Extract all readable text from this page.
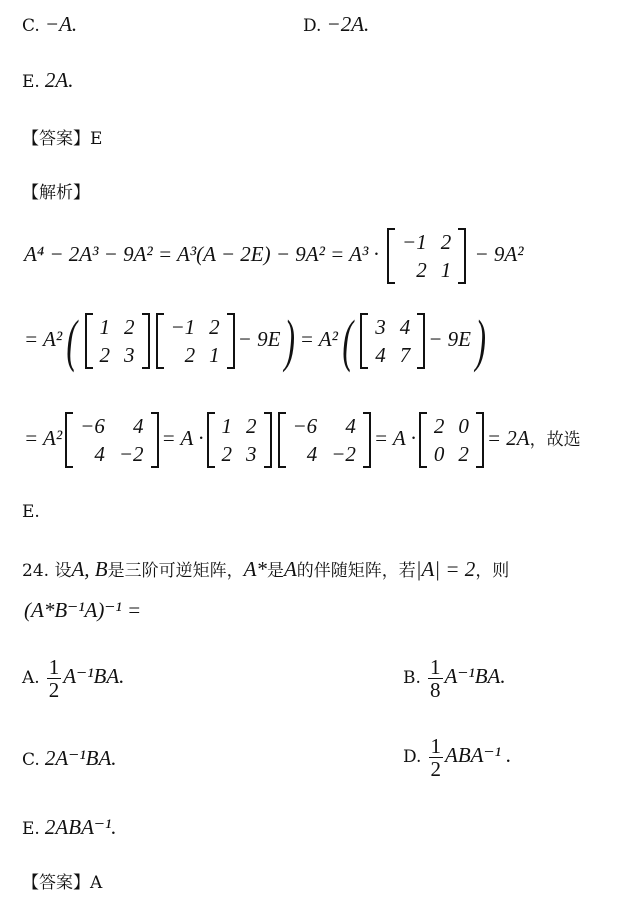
C. −A.	D. −2A.
E. 2A.
【答案】E
【解析】
A⁴ − 2A³ − 9A² = A³(A − 2E) − 9A² = A³ · −1	2
2	1
− 9A²
= A²( 1	2
2	3
−1	2
2	1
− 9E) = A²( 3	4
4	7
− 9E)
= A² −6	4
4	−2
= A · 1	2
2	3
−6	4
4	−2
= A · 2	0
0	2
= 2A，故选
E.
24. 设A, B是三阶可逆矩阵，A*是A的伴随矩阵，若|A| = 2，则
(A*B⁻¹A)⁻¹ =
A. $\frac{1}{2} A^{-1}BA$.	B. $\frac{1}{8} A^{-1}BA$.
C. 2A⁻¹BA.	D. $\frac{1}{2} ABA^{-1}$ .
E. 2ABA⁻¹.
【答案】A
